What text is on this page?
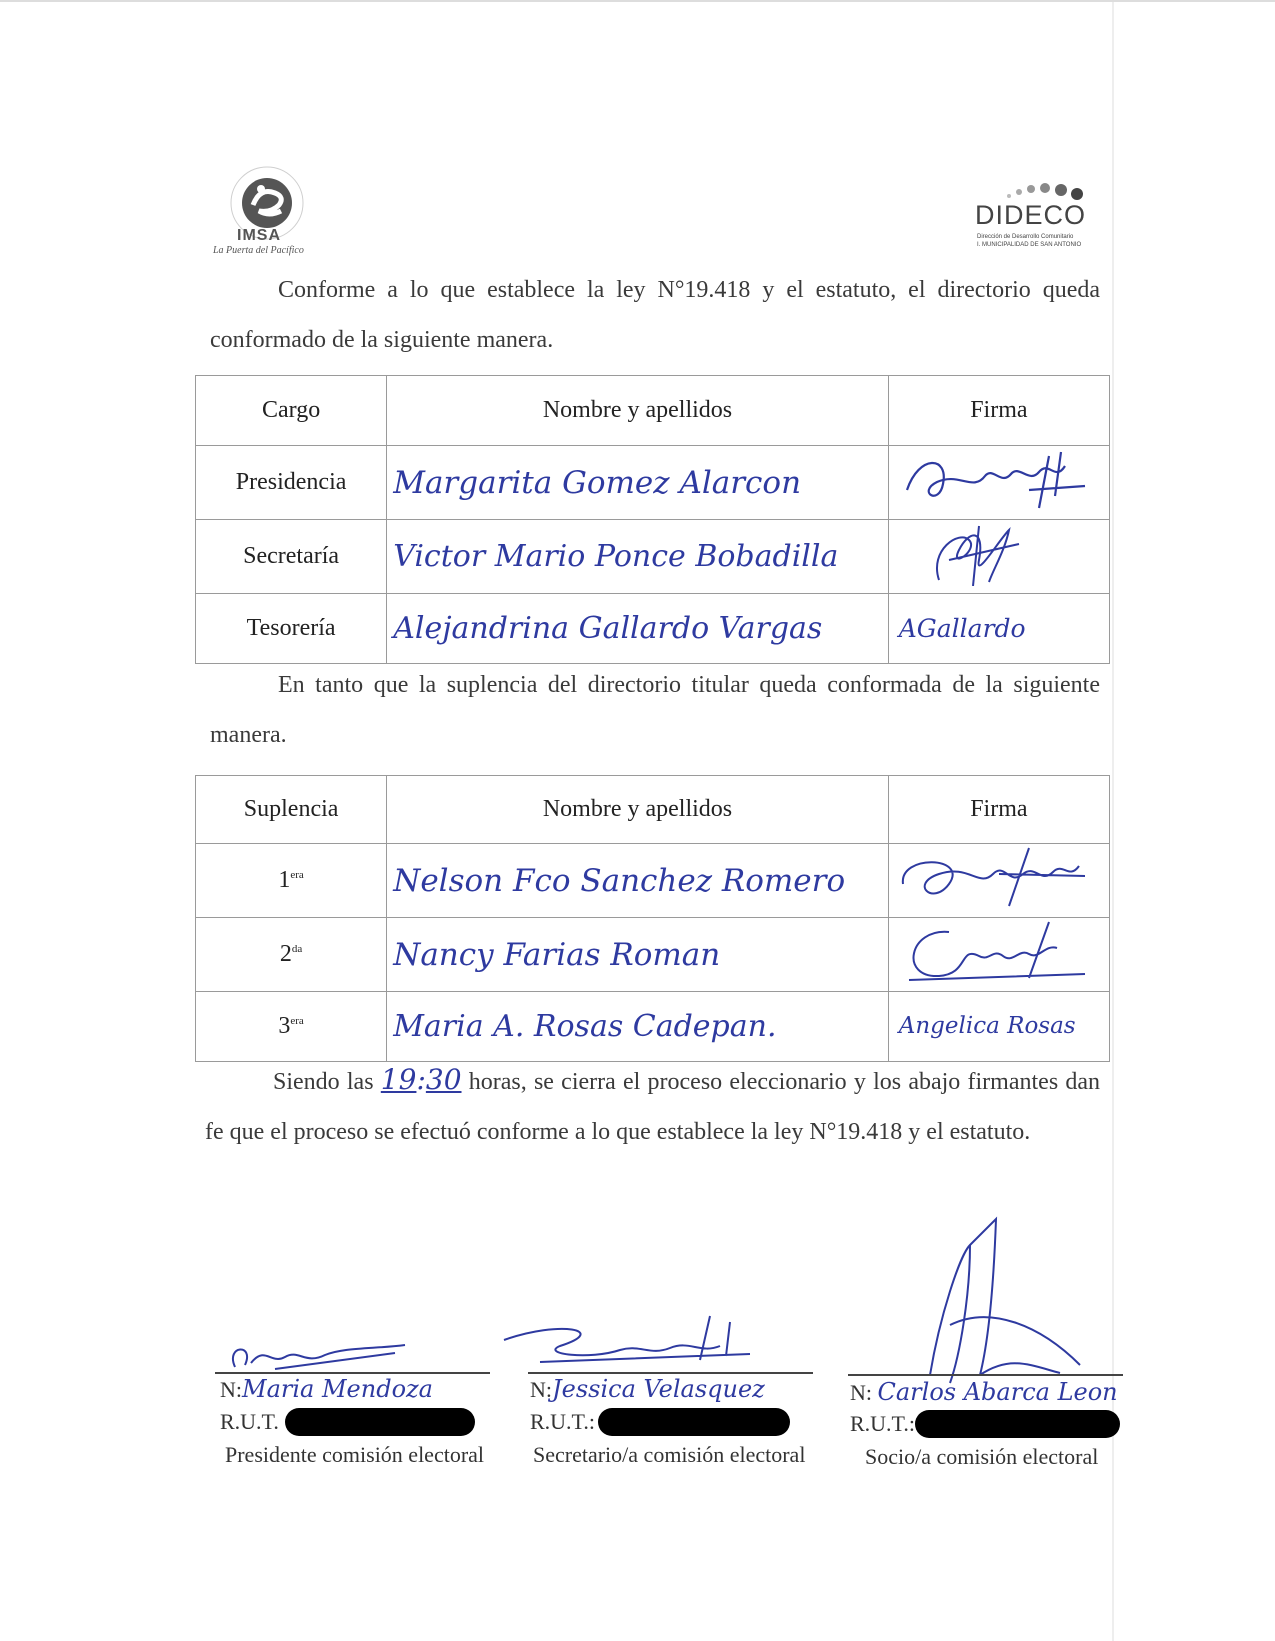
IMSA
La Puerta del Pacífico
DIDECO
Dirección de Desarrollo Comunitario
I. MUNICIPALIDAD DE SAN ANTONIO
Conforme a lo que establece la ley N°19.418 y el estatuto, el directorio queda conformado de la siguiente manera.
Cargo	Nombre y apellidos	Firma
Presidencia	Margarita Gomez Alarcon	
Secretaría	Victor Mario Ponce Bobadilla	
Tesorería	Alejandrina Gallardo Vargas	AGallardo
En tanto que la suplencia del directorio titular queda conformada de la siguiente manera.
Suplencia	Nombre y apellidos	Firma
$1^{era}$	Nelson Fco Sanchez Romero	
$2^{da}$	Nancy Farias Roman	
$3^{era}$	Maria A. Rosas Cadepan.	Angelica Rosas
Siendo las 19:30 horas, se cierra el proceso eleccionario y los abajo firmantes dan fe que el proceso se efectuó conforme a lo que establece la ley N°19.418 y el estatuto.
N:Maria Mendoza
R.U.T.
Presidente comisión electoral
N:Jessica Velasquez
R.U.T.:
Secretario/a comisión electoral
N: Carlos Abarca Leon
R.U.T.:
Socio/a comisión electoral
